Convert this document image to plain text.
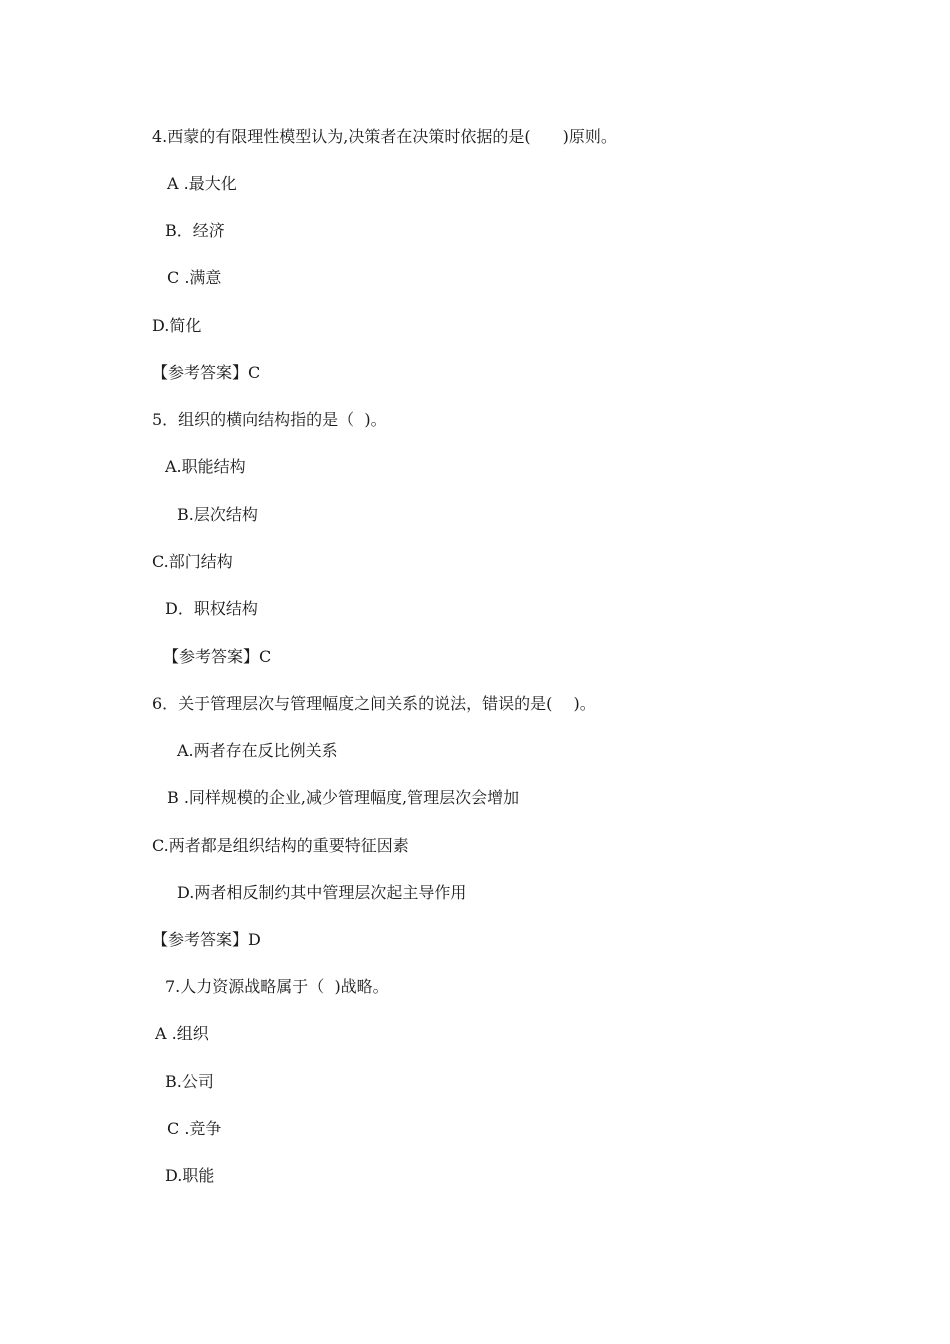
4.西蒙的有限理性模型认为,决策者在决策时依据的是(　　)原则。
A .最大化
B．经济
C .满意
D.简化
【参考答案】C
5．组织的横向结构指的是（  )。
A.职能结构
B.层次结构
C.部门结构
D．职权结构
【参考答案】C
6．关于管理层次与管理幅度之间关系的说法，错误的是(　 )。
A.两者存在反比例关系
B .同样规模的企业,减少管理幅度,管理层次会增加
C.两者都是组织结构的重要特征因素
D.两者相反制约其中管理层次起主导作用
【参考答案】D
7.人力资源战略属于（  )战略。
A .组织
B.公司
C .竞争
D.职能
